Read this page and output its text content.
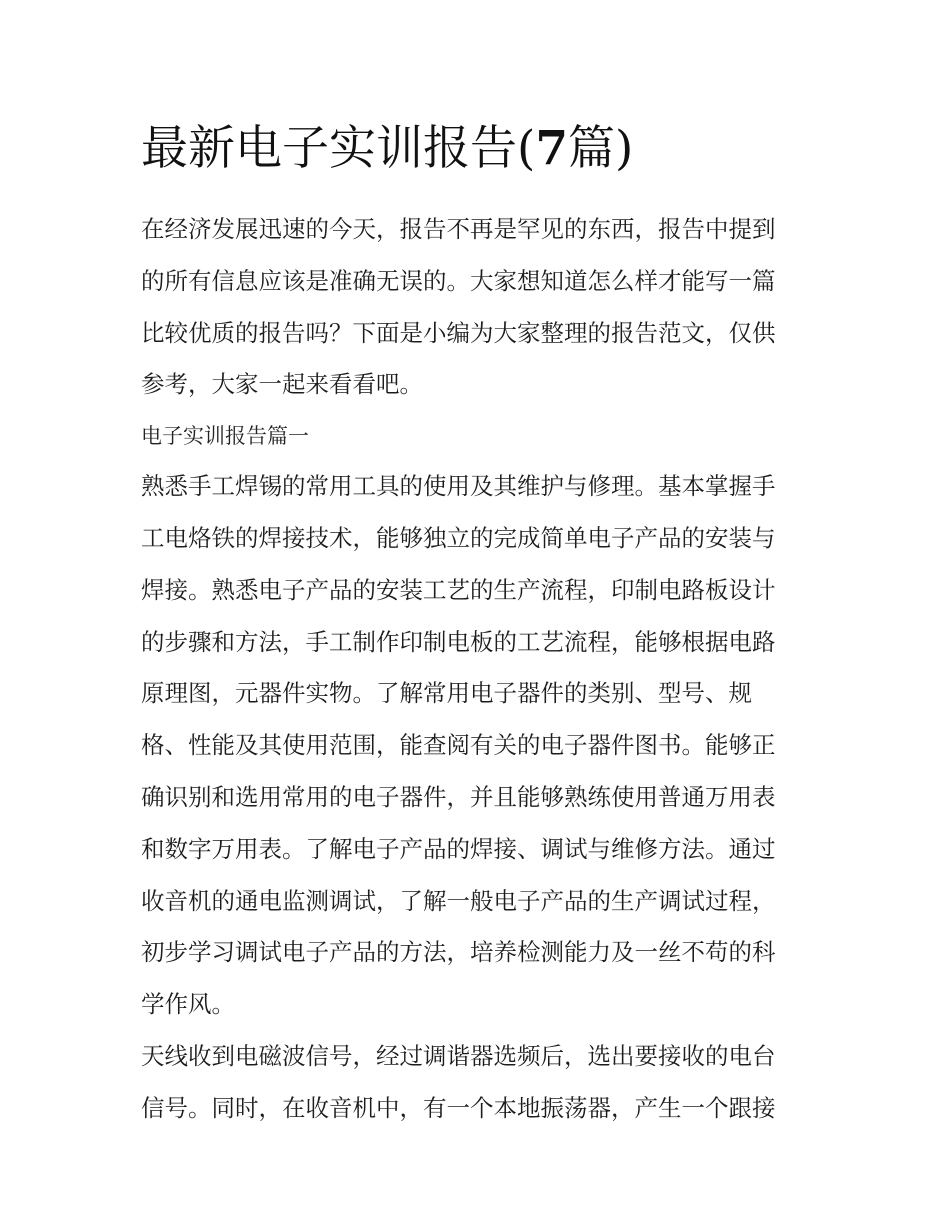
最新电子实训报告(7篇)

在经济发展迅速的今天，报告不再是罕见的东西，报告中提到
的所有信息应该是准确无误的。大家想知道怎么样才能写一篇
比较优质的报告吗？下面是小编为大家整理的报告范文，仅供
参考，大家一起来看看吧。

电子实训报告篇一

熟悉手工焊锡的常用工具的使用及其维护与修理。基本掌握手
工电烙铁的焊接技术，能够独立的完成简单电子产品的安装与
焊接。熟悉电子产品的安装工艺的生产流程，印制电路板设计
的步骤和方法，手工制作印制电板的工艺流程，能够根据电路
原理图，元器件实物。了解常用电子器件的类别、型号、规
格、性能及其使用范围，能查阅有关的电子器件图书。能够正
确识别和选用常用的电子器件，并且能够熟练使用普通万用表
和数字万用表。了解电子产品的焊接、调试与维修方法。通过
收音机的通电监测调试，了解一般电子产品的生产调试过程，
初步学习调试电子产品的方法，培养检测能力及一丝不苟的科
学作风。

天线收到电磁波信号，经过调谐器选频后，选出要接收的电台
信号。同时，在收音机中，有一个本地振荡器，产生一个跟接
